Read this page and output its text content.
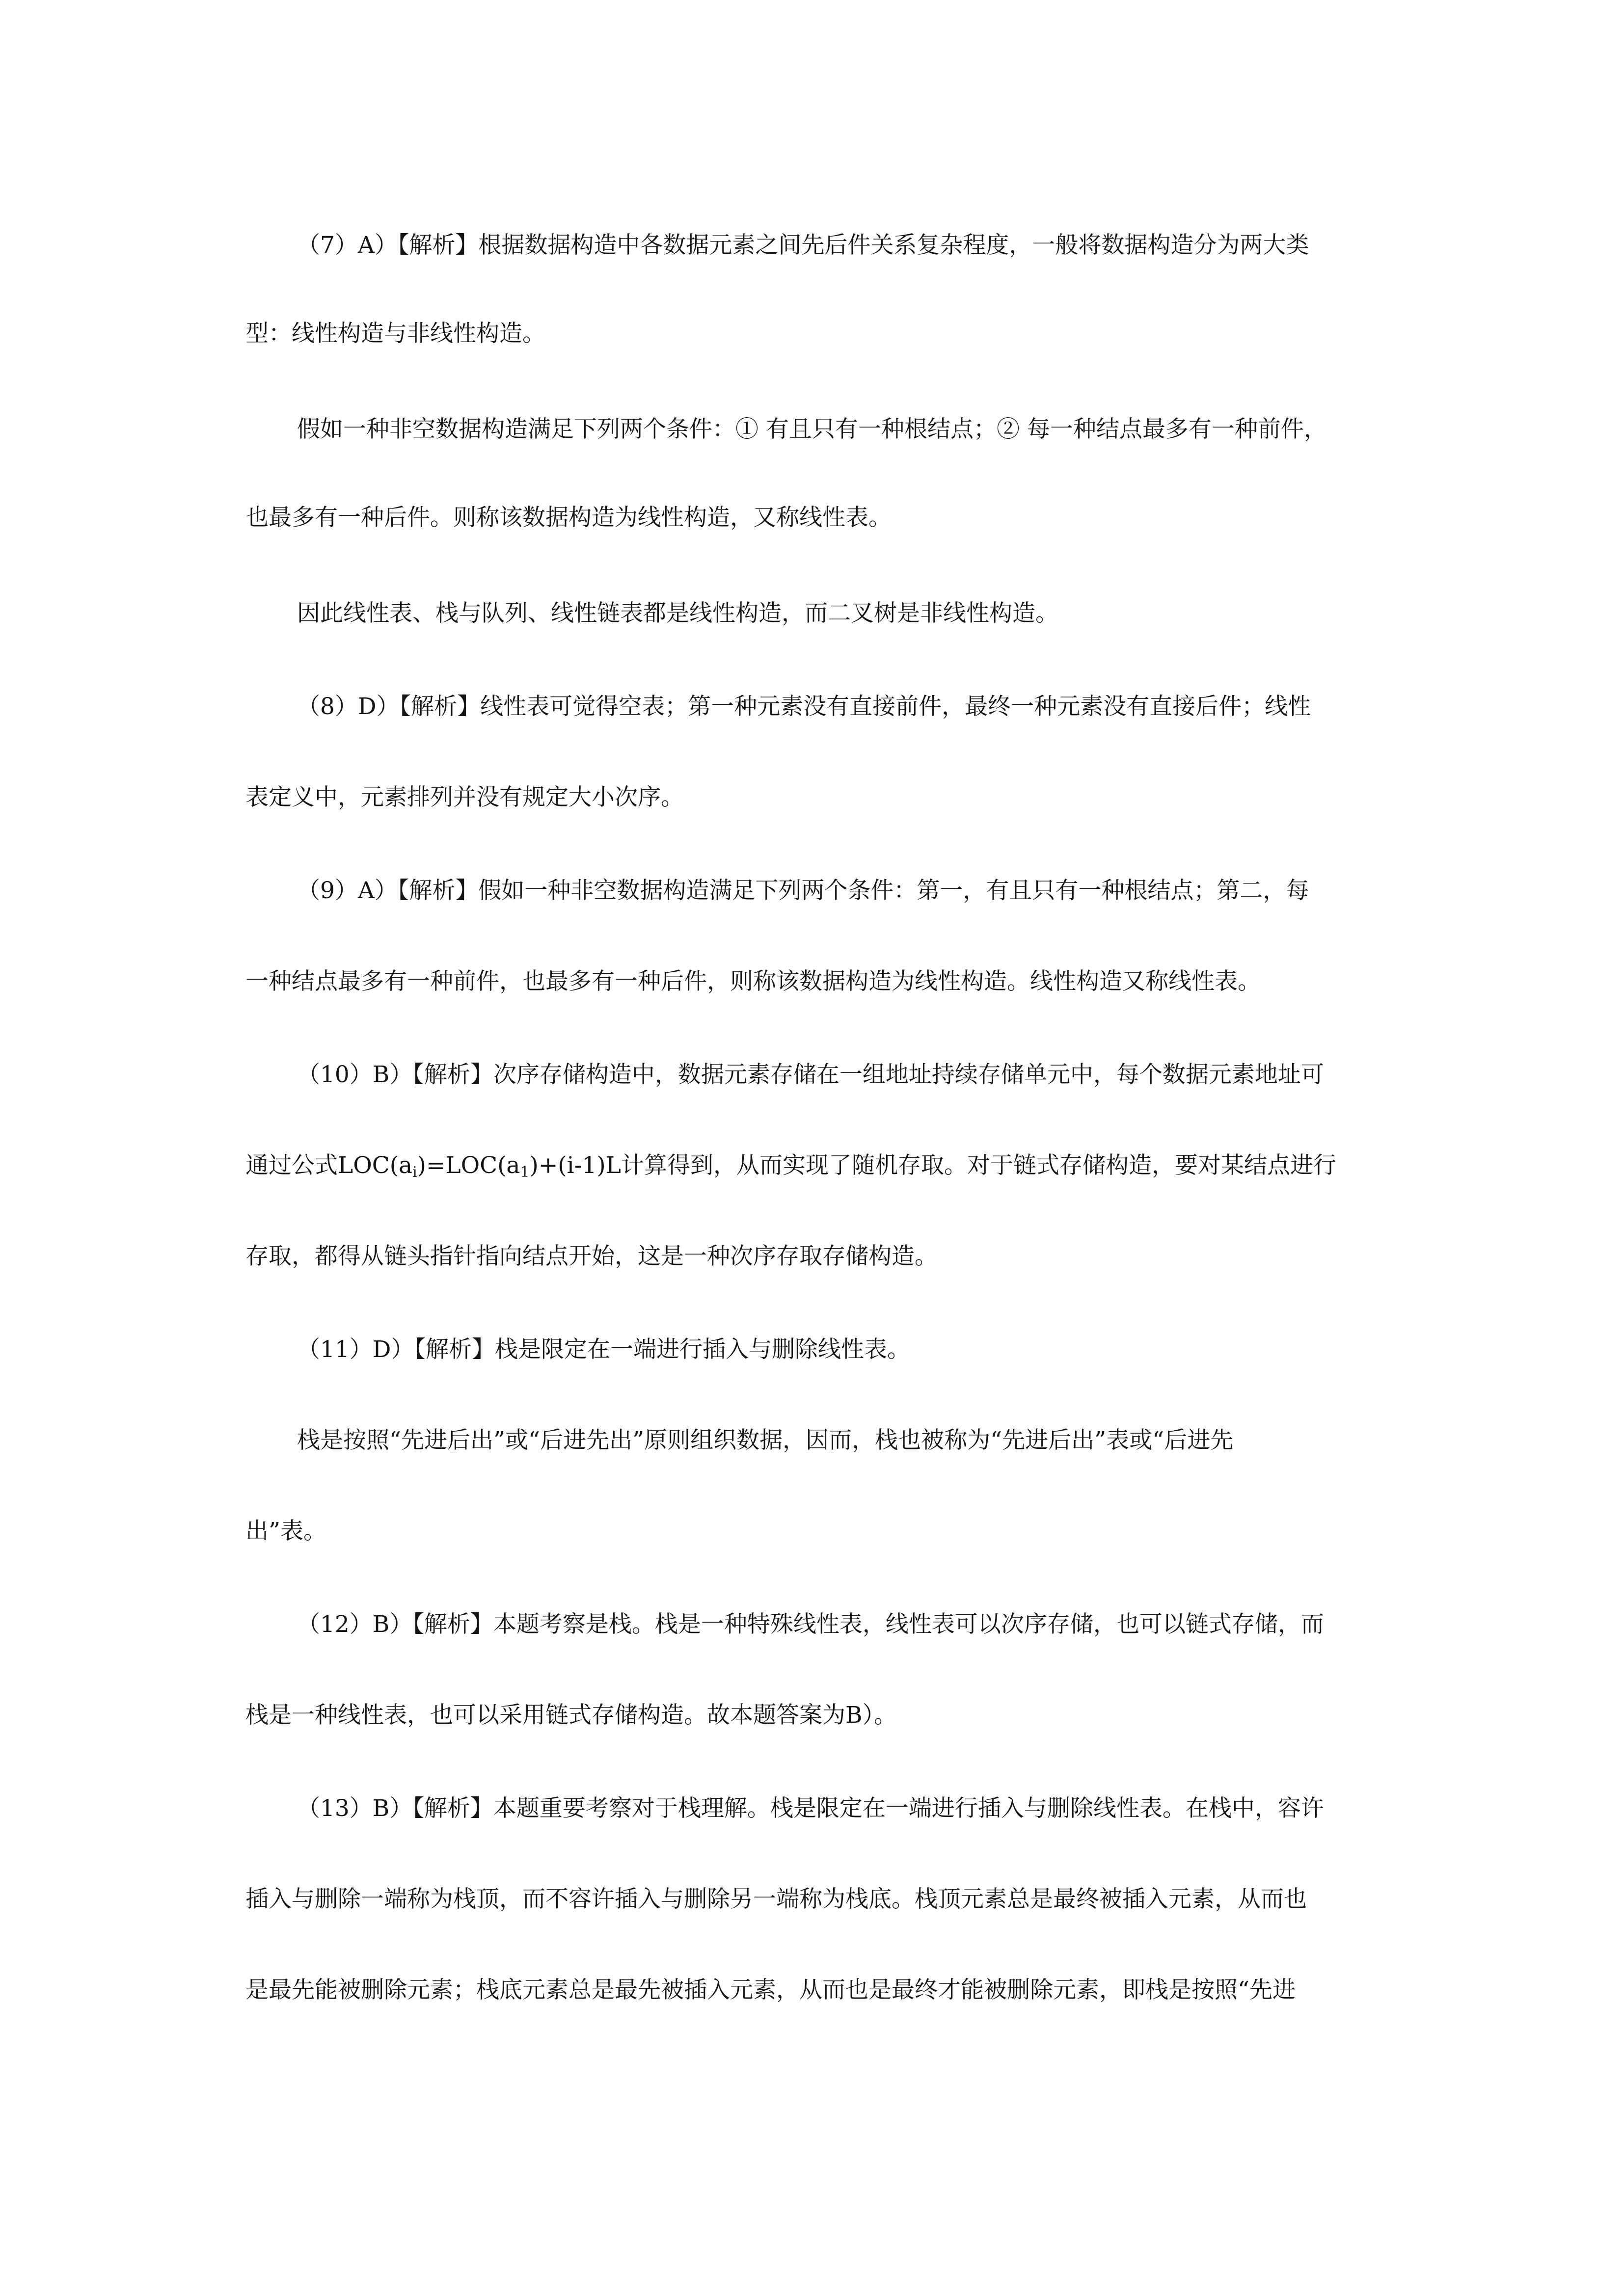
（7）A）【解析】根据数据构造中各数据元素之间先后件关系复杂程度，一般将数据构造分为两大类
型：线性构造与非线性构造。
假如一种非空数据构造满足下列两个条件：① 有且只有一种根结点；② 每一种结点最多有一种前件，
也最多有一种后件。则称该数据构造为线性构造，又称线性表。
因此线性表、栈与队列、线性链表都是线性构造，而二叉树是非线性构造。
（8）D）【解析】线性表可觉得空表；第一种元素没有直接前件，最终一种元素没有直接后件；线性
表定义中，元素排列并没有规定大小次序。
（9）A）【解析】假如一种非空数据构造满足下列两个条件：第一，有且只有一种根结点；第二，每
一种结点最多有一种前件，也最多有一种后件，则称该数据构造为线性构造。线性构造又称线性表。
（10）B）【解析】次序存储构造中，数据元素存储在一组地址持续存储单元中，每个数据元素地址可
通过公式$LOC(a_i)=LOC(a_1)+(i-1)L$计算得到，从而实现了随机存取。对于链式存储构造，要对某结点进行
存取，都得从链头指针指向结点开始，这是一种次序存取存储构造。
（11）D）【解析】栈是限定在一端进行插入与删除线性表。
栈是按照“先进后出”或“后进先出”原则组织数据，因而，栈也被称为“先进后出”表或“后进先
出”表。
（12）B）【解析】本题考察是栈。栈是一种特殊线性表，线性表可以次序存储，也可以链式存储，而
栈是一种线性表，也可以采用链式存储构造。故本题答案为B）。
（13）B）【解析】本题重要考察对于栈理解。栈是限定在一端进行插入与删除线性表。在栈中，容许
插入与删除一端称为栈顶，而不容许插入与删除另一端称为栈底。栈顶元素总是最终被插入元素，从而也
是最先能被删除元素；栈底元素总是最先被插入元素，从而也是最终才能被删除元素，即栈是按照“先进
